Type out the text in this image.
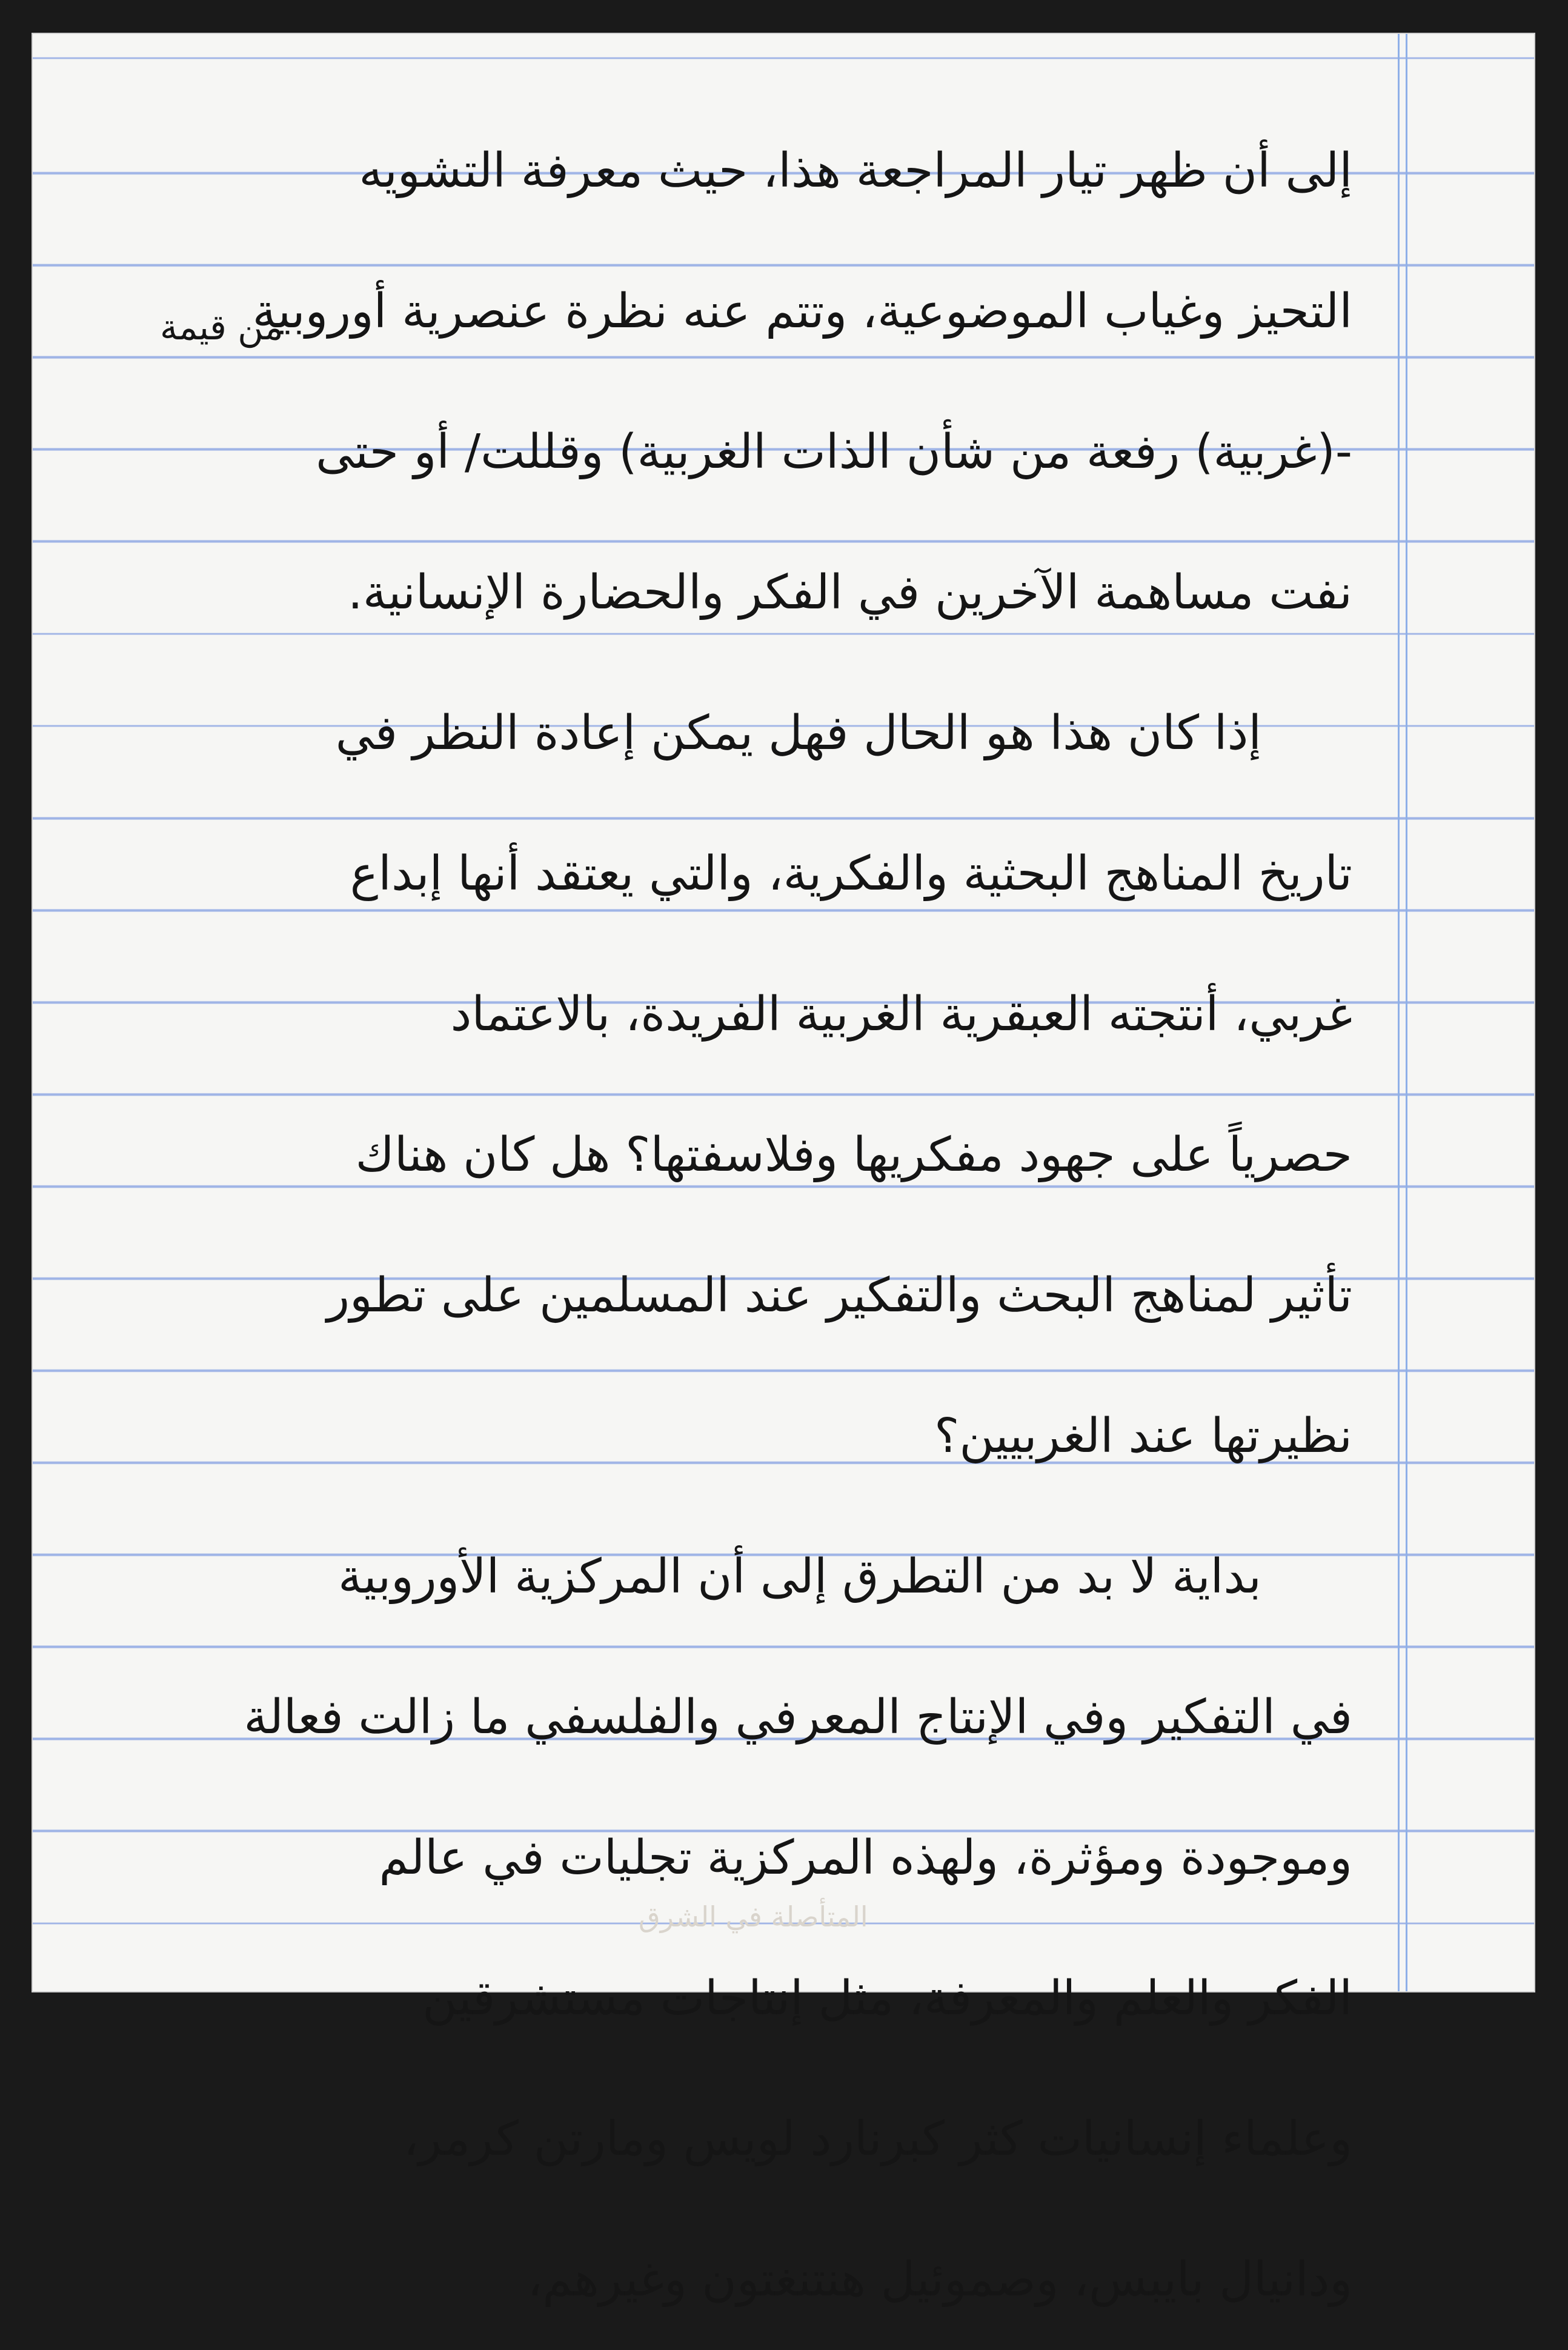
المتأصلة في الشرق
من قيمة
إلى أن ظهر تيار المراجعة هذا، حيث معرفة التشويه
التحيز وغياب الموضوعية، وتتم عنه نظرة عنصرية أوروبية
-(غربية) رفعة من شأن الذات الغربية) وقللت/ أو حتى
نفت مساهمة الآخرين في الفكر والحضارة الإنسانية.
إذا كان هذا هو الحال فهل يمكن إعادة النظر في
تاريخ المناهج البحثية والفكرية، والتي يعتقد أنها إبداع
غربي، أنتجته العبقرية الغربية الفريدة، بالاعتماد
حصرياً على جهود مفكريها وفلاسفتها؟ هل كان هناك
تأثير لمناهج البحث والتفكير عند المسلمين على تطور
نظيرتها عند الغربيين؟
بداية لا بد من التطرق إلى أن المركزية الأوروبية
في التفكير وفي الإنتاج المعرفي والفلسفي ما زالت فعالة
وموجودة ومؤثرة، ولهذه المركزية تجليات في عالم
الفكر والعلم والمعرفة، مثل إنتاجات مستشرقين
وعلماء إنسانيات كثر كبرنارد لويس ومارتن كرمر،
ودانيال بايبس، وصموئيل هنتنغتون وغيرهم،
